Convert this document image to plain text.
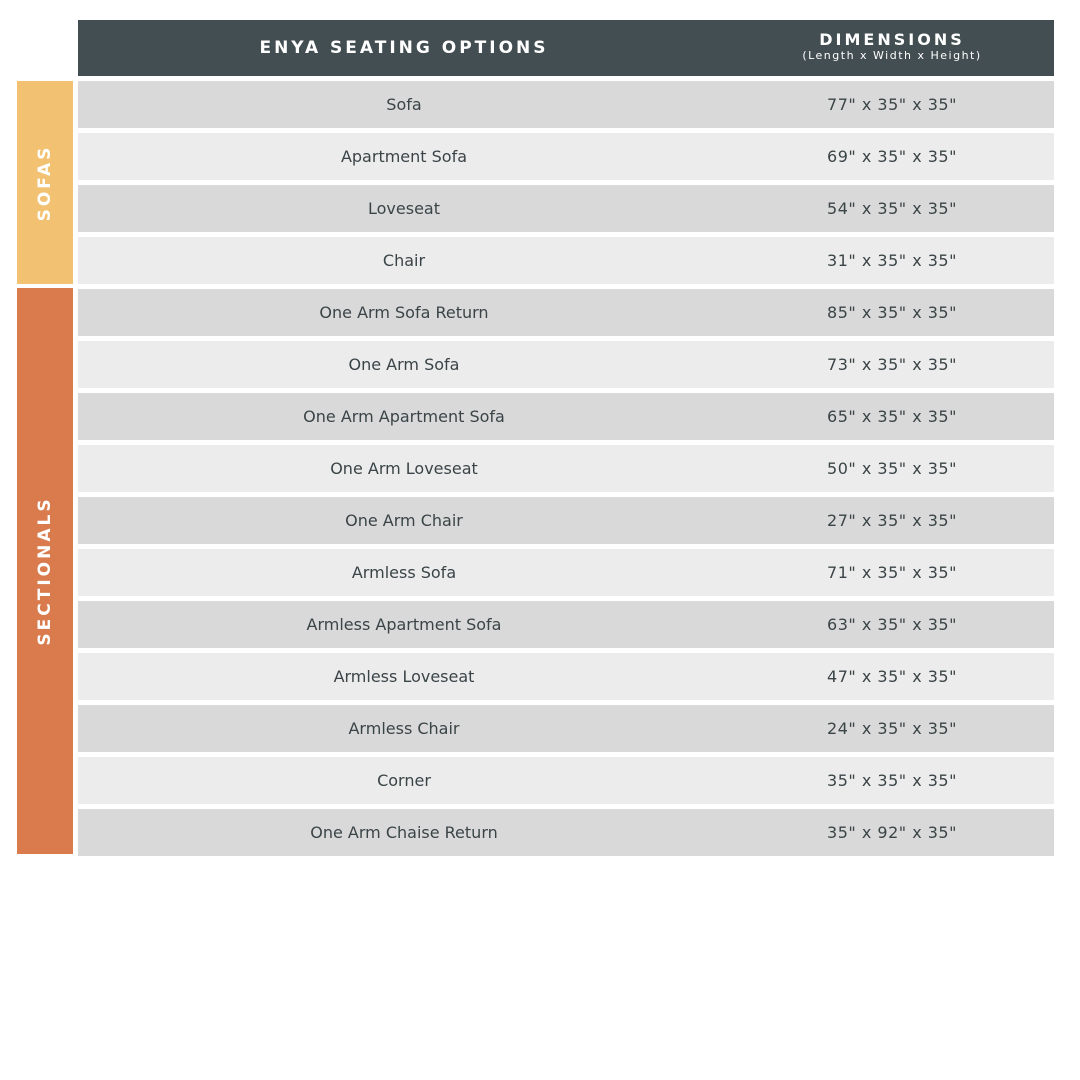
ENYA SEATING OPTIONS	DIMENSIONS
(Length x Width x Height)
SOFAS
SECTIONALS
Sofa	77" x 35" x 35"
Apartment Sofa	69" x 35" x 35"
Loveseat	54" x 35" x 35"
Chair	31" x 35" x 35"
One Arm Sofa Return	85" x 35" x 35"
One Arm Sofa	73" x 35" x 35"
One Arm Apartment Sofa	65" x 35" x 35"
One Arm Loveseat	50" x 35" x 35"
One Arm Chair	27" x 35" x 35"
Armless Sofa	71" x 35" x 35"
Armless Apartment Sofa	63" x 35" x 35"
Armless Loveseat	47" x 35" x 35"
Armless Chair	24" x 35" x 35"
Corner	35" x 35" x 35"
One Arm Chaise Return	35" x 92" x 35"
